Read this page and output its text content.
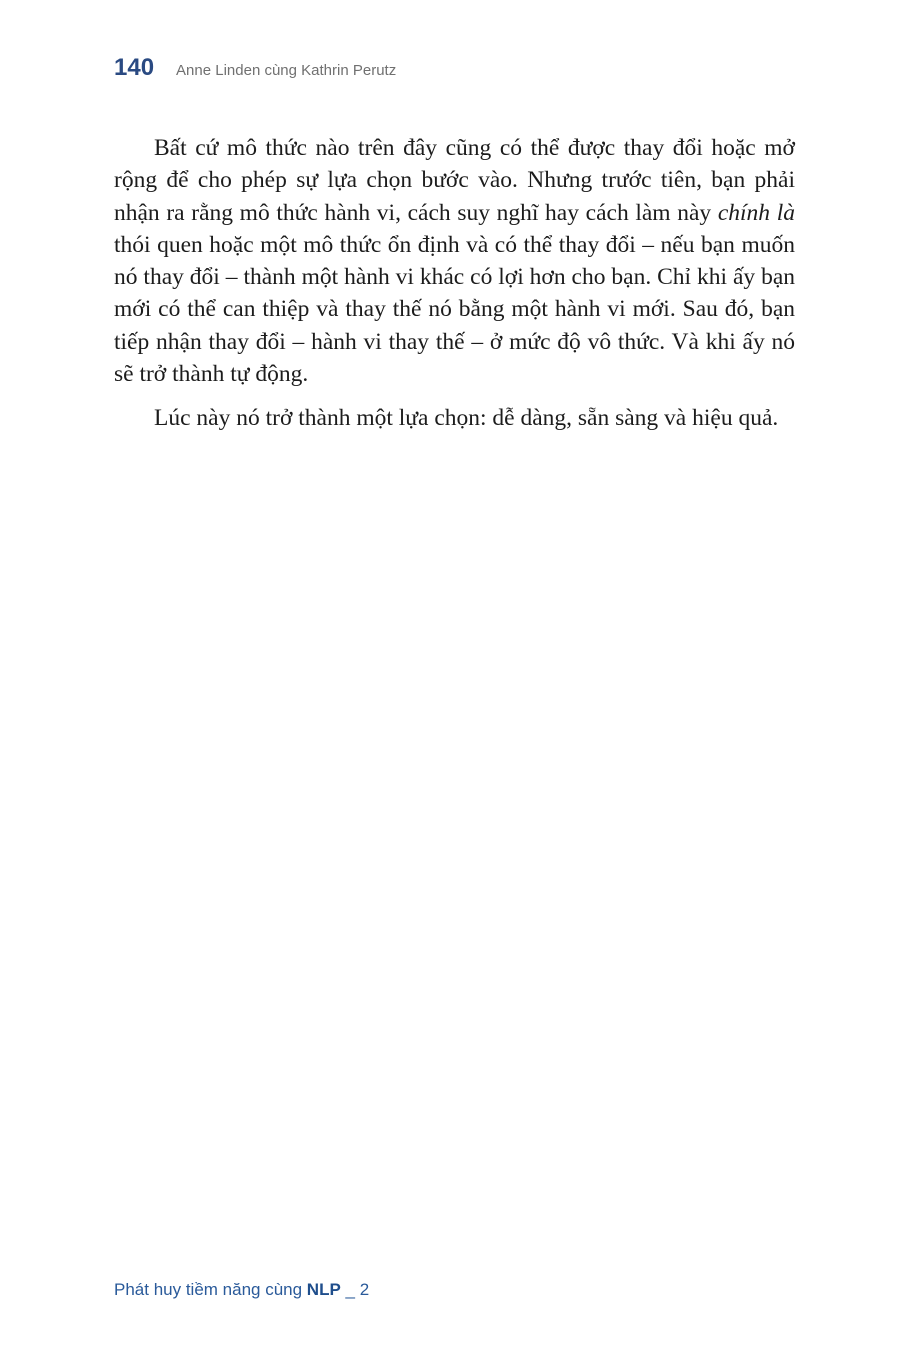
140 Anne Linden cùng Kathrin Perutz

Bất cứ mô thức nào trên đây cũng có thể được thay đổi hoặc mở rộng để cho phép sự lựa chọn bước vào. Nhưng trước tiên, bạn phải nhận ra rằng mô thức hành vi, cách suy nghĩ hay cách làm này chính là thói quen hoặc một mô thức ổn định và có thể thay đổi – nếu bạn muốn nó thay đổi – thành một hành vi khác có lợi hơn cho bạn. Chỉ khi ấy bạn mới có thể can thiệp và thay thế nó bằng một hành vi mới. Sau đó, bạn tiếp nhận thay đổi – hành vi thay thế – ở mức độ vô thức. Và khi ấy nó sẽ trở thành tự động.

Lúc này nó trở thành một lựa chọn: dễ dàng, sẵn sàng và hiệu quả.

Phát huy tiềm năng cùng NLP _ 2
